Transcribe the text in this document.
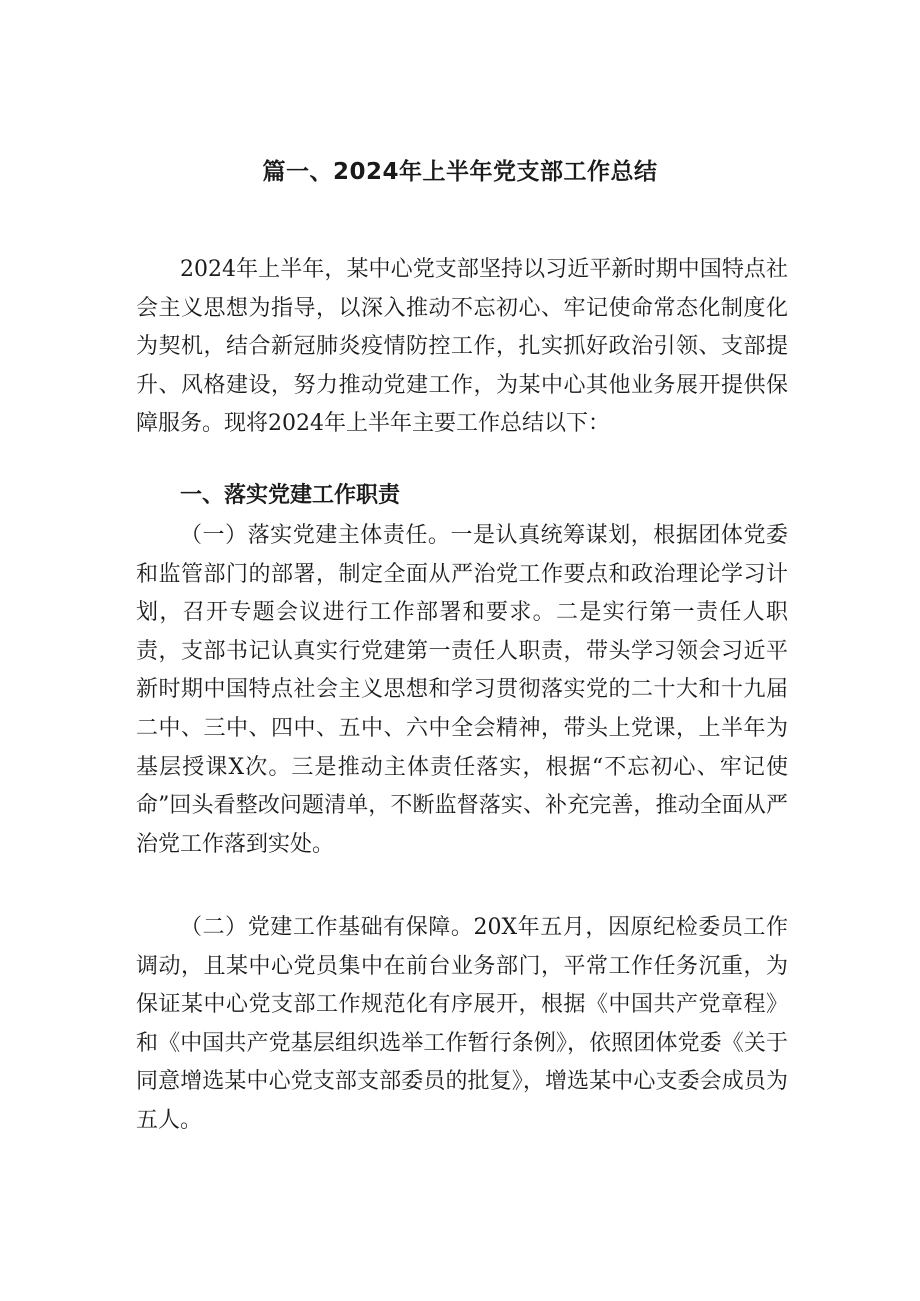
篇一、2024年上半年党支部工作总结

2024年上半年，某中心党支部坚持以习近平新时期中国特点社会主义思想为指导，以深入推动不忘初心、牢记使命常态化制度化为契机，结合新冠肺炎疫情防控工作，扎实抓好政治引领、支部提升、风格建设，努力推动党建工作，为某中心其他业务展开提供保障服务。现将2024年上半年主要工作总结以下：

一、落实党建工作职责

（一）落实党建主体责任。一是认真统筹谋划，根据团体党委和监管部门的部署，制定全面从严治党工作要点和政治理论学习计划，召开专题会议进行工作部署和要求。二是实行第一责任人职责，支部书记认真实行党建第一责任人职责，带头学习领会习近平新时期中国特点社会主义思想和学习贯彻落实党的二十大和十九届二中、三中、四中、五中、六中全会精神，带头上党课，上半年为基层授课X次。三是推动主体责任落实，根据“不忘初心、牢记使命”回头看整改问题清单，不断监督落实、补充完善，推动全面从严治党工作落到实处。

（二）党建工作基础有保障。20X年五月，因原纪检委员工作调动，且某中心党员集中在前台业务部门，平常工作任务沉重，为保证某中心党支部工作规范化有序展开，根据《中国共产党章程》和《中国共产党基层组织选举工作暂行条例》，依照团体党委《关于同意增选某中心党支部支部委员的批复》，增选某中心支委会成员为五人。
